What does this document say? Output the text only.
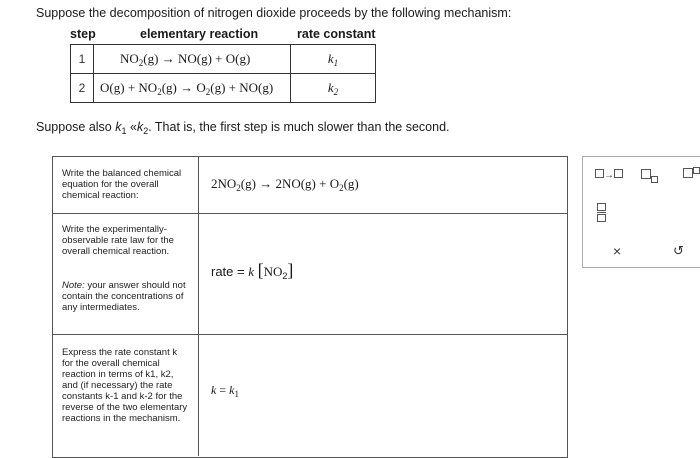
Suppose the decomposition of nitrogen dioxide proceeds by the following mechanism:
step	elementary reaction	rate constant
1	$NO_2(g) \to NO(g) + O(g)$	$k_1$
2	$O(g) + NO_2(g) \to O_2(g) + NO(g)$	$k_2$
Suppose also $k_1$ «$k_2$. That is, the first step is much slower than the second.
Write the balanced chemical equation for the overall chemical reaction:
$2NO_2(g) \to 2NO(g) + O_2(g)$
Write the experimentally-observable rate law for the overall chemical reaction.
Note: your answer should not contain the concentrations of any intermediates.
rate = k $[NO_2]$
Express the rate constant k for the overall chemical reaction in terms of k1, k2, and (if necessary) the rate constants k-1 and k-2 for the reverse of the two elementary reactions in the mechanism.
$k = k_1$
→
×	↺
